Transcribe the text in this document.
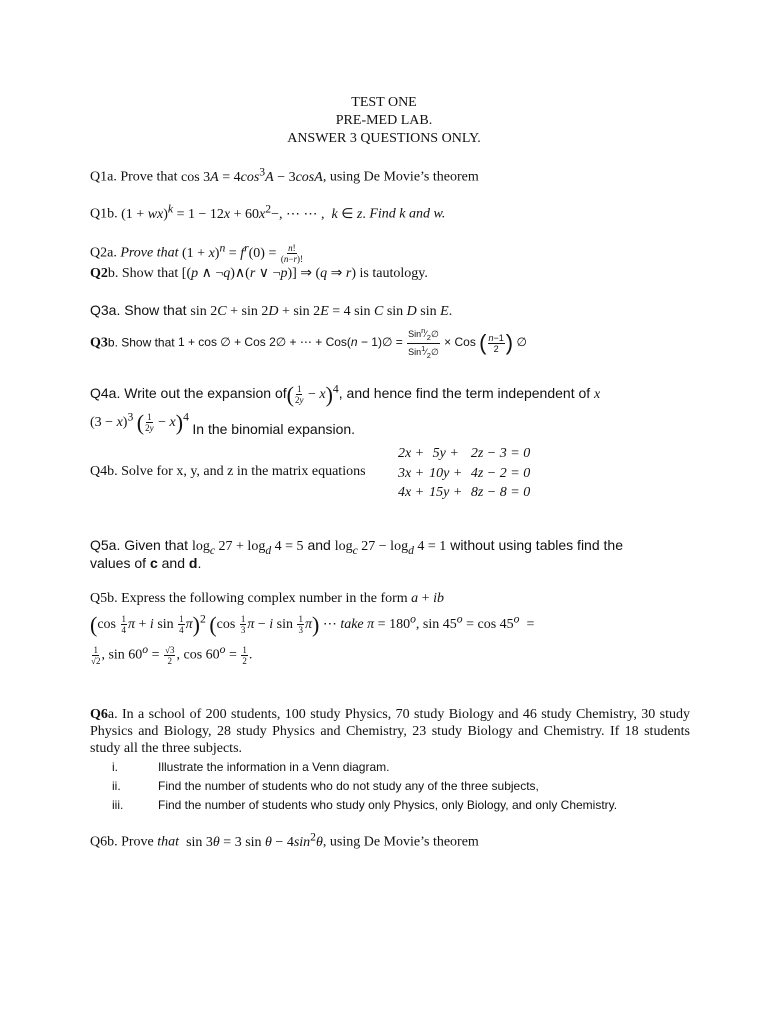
TEST ONE
PRE-MED LAB.
ANSWER 3 QUESTIONS ONLY.
Q1a. Prove that $\cos 3A = 4\cos^3A - 3\cos A$, using De Movie’s theorem
Q1b. $(1 + wx)^k = 1 - 12x + 60x^2-$, ⋯ ⋯ ,  k ∈ z. Find k and w.
Q2a. Prove that $(1 + x)^n = f^r(0) = \frac{n!}{(n-r)!}$
Q2b. Show that [(p ∧ ¬q)∧(r ∨ ¬p)] ⇒ (q ⇒ r) is tautology.
Q3a. Show that sin 2C + sin 2D + sin 2E = 4 sin C sin D sin E.
Q3b. Show that 1 + cos ∅ + Cos 2∅ + ⋯ + Cos(n − 1)∅ = $\frac{Sin^n⁄_2\emptyset}{Sin^1⁄_2\emptyset}$ × Cos ( $\frac{n-1}{2}$ ) ∅
Q4a. Write out the expansion $of( \frac{1}{2y} - x)^4$, and hence find the term independent of x
$(3 - x)^3$ ( $\frac{1}{2y} - x)^4$ In the binomial expansion.
Q4b. Solve for x, y, and z in the matrix equations
2x +	5y +	2z − 3 = 0
3x +	10y +	4z − 2 = 0
4x +	15y +	8z − 8 = 0
Q5a. Given that $\log_c 27 + \log_d 4 = 5$ and $\log_c 27 - \log_d 4 = 1$ without using tables find the
values of c and d.
Q5b. Express the following complex number in the form a + ib
($\cos \frac{1}{4}$ π + i $\sin \frac{1}{4} \pi)^2$ ($\cos \frac{1}{3}$ π − i $\sin \frac{1}{3} \pi$) ⋯ take $\pi = 180^o$, $\sin 45^o = \cos 45^o$  =
$\frac{1}{√2}$ , $\sin 60^o = \frac{√3}{2}$ , $\cos 60^o = \frac{1}{2}$ .
Q6a. In a school of 200 students, 100 study Physics, 70 study Biology and 46 study Chemistry, 30 study Physics and Biology, 28 study Physics and Chemistry, 23 study Biology and Chemistry. If 18 students study all the three subjects.
i.	Illustrate the information in a Venn diagram.
ii.	Find the number of students who do not study any of the three subjects,
iii.	Find the number of students who study only Physics, only Biology, and only Chemistry.
Q6b. Prove that  sin 3θ = 3 $\sin \theta - 4\sin^2\theta$, using De Movie’s theorem
